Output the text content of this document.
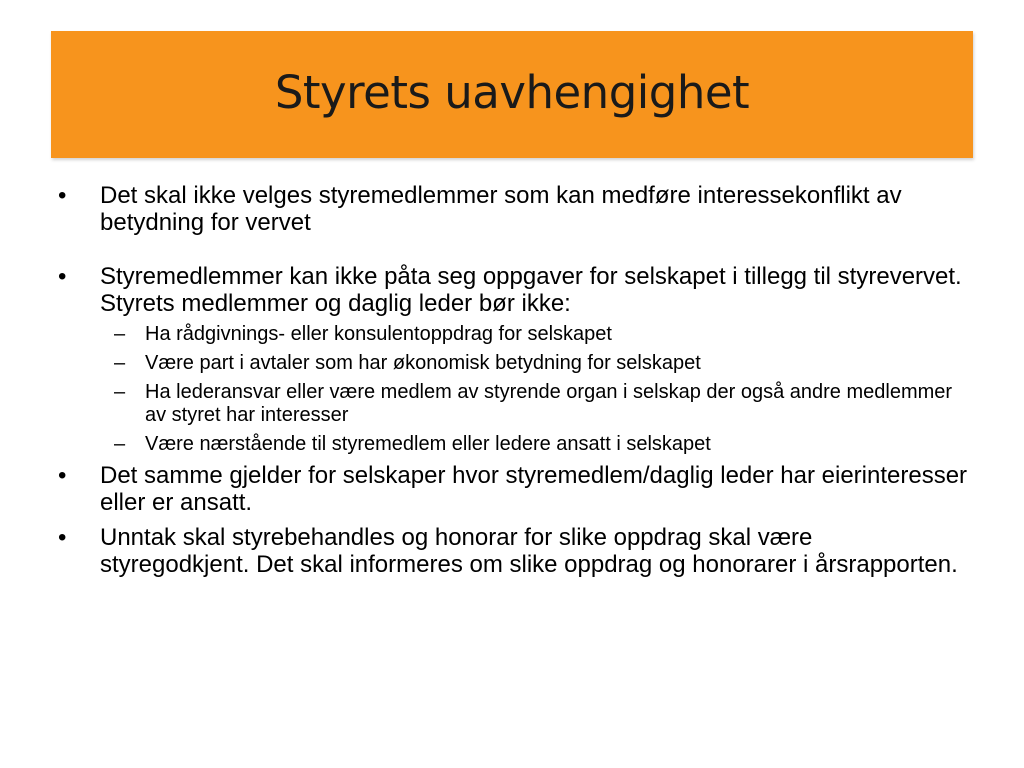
Styrets uavhengighet
•	Det skal ikke velges styremedlemmer som kan medføre interessekonflikt av betydning for vervet
•	Styremedlemmer kan ikke påta seg oppgaver for selskapet i tillegg til styrevervet. Styrets medlemmer og daglig leder bør ikke:
– Ha rådgivnings- eller konsulentoppdrag for selskapet
– Være part i avtaler som har økonomisk betydning for selskapet
– Ha lederansvar eller være medlem av styrende organ i selskap der også andre medlemmer av styret har interesser
– Være nærstående til styremedlem eller ledere ansatt i selskapet
•	Det samme gjelder for selskaper hvor styremedlem/daglig leder har eierinteresser eller er ansatt.
•	Unntak skal styrebehandles og honorar for slike oppdrag skal være styregodkjent. Det skal informeres om slike oppdrag og honorarer i årsrapporten.
